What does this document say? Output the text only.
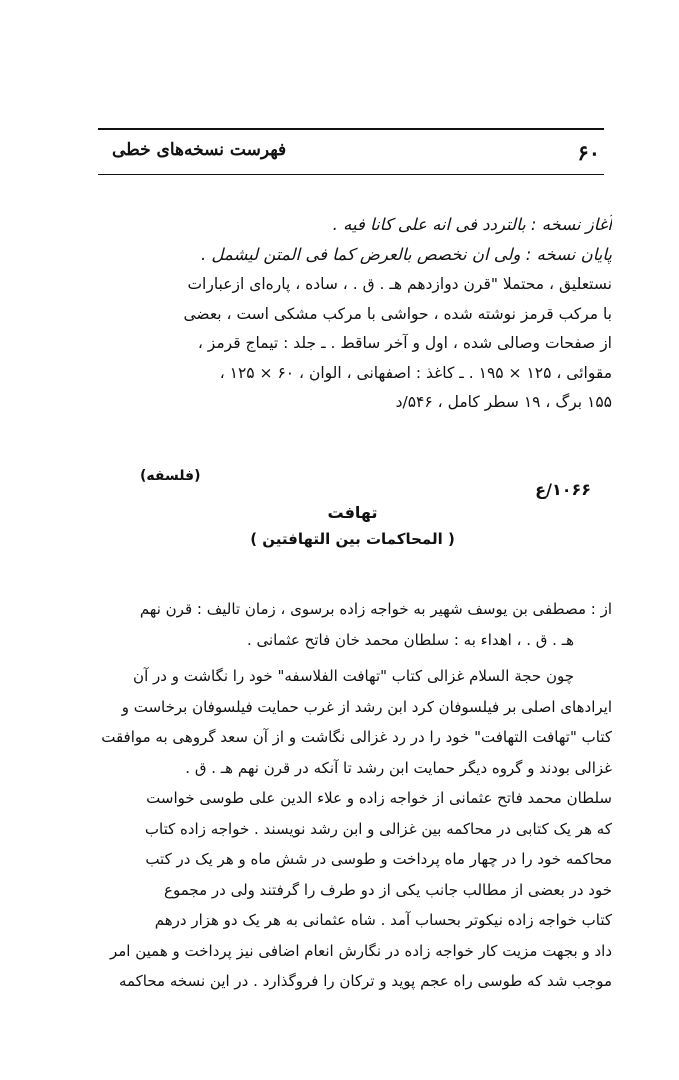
فهرست نسخه‌های خطی	۶۰
آغاز نسخه : بالتردد فی انه علی کانا فیه .
پایان نسخه : ولی ان نخصص بالعرض کما فی المتن لیشمل .
نستعلیق ، محتملا "قرن دوازدهم هـ . ق . ، ساده ، پاره‌ای ازعبارات
با مرکب قرمز نوشته شده ، حواشی با مرکب مشکی است ، بعضی
از صفحات وصالی شده ، اول و آخر ساقط . ـ جلد : تیماج قرمز ،
مقوائی ، ۱۲۵ × ۱۹۵ . ـ کاغذ : اصفهانی ، الوان ، ۶۰ × ۱۲۵ ،
۱۵۵ برگ ، ۱۹ سطر کامل ، ۵۴۶/د
(فلسفه)
۱۰۶۶/ع
تهافت
( المحاکمات بین التهافتین )
از : مصطفی بن یوسف شهیر به خواجه زاده برسوی ، زمان تالیف : قرن نهم
هـ . ق . ، اهداء به : سلطان محمد خان فاتح عثمانی .
چون حجة السلام غزالی کتاب "تهافت الفلاسفه" خود را نگاشت و در آن
ایرادهای اصلی بر فیلسوفان کرد ابن رشد از غرب حمایت فیلسوفان برخاست و
کتاب "تهافت التهافت" خود را در رد غزالی نگاشت و از آن سعد گروهی به موافقت
غزالی بودند و گروه دیگر حمایت ابن رشد تا آنکه در قرن نهم هـ . ق .
سلطان محمد فاتح عثمانی از خواجه زاده و علاء الدین علی طوسی خواست
که هر یک کتابی در محاکمه بین غزالی و ابن رشد نویسند . خواجه زاده کتاب
محاکمه خود را در چهار ماه پرداخت و طوسی در شش ماه و هر یک در کتب
خود در بعضی از مطالب جانب یکی از دو طرف را گرفتند ولی در مجموع
کتاب خواجه زاده نیکوتر بحساب آمد . شاه عثمانی به هر یک دو هزار درهم
داد و بجهت مزیت کار خواجه زاده در نگارش انعام اضافی نیز پرداخت و همین امر
موجب شد که طوسی راه عجم پوید و ترکان را فروگذارد . در این نسخه محاکمه
